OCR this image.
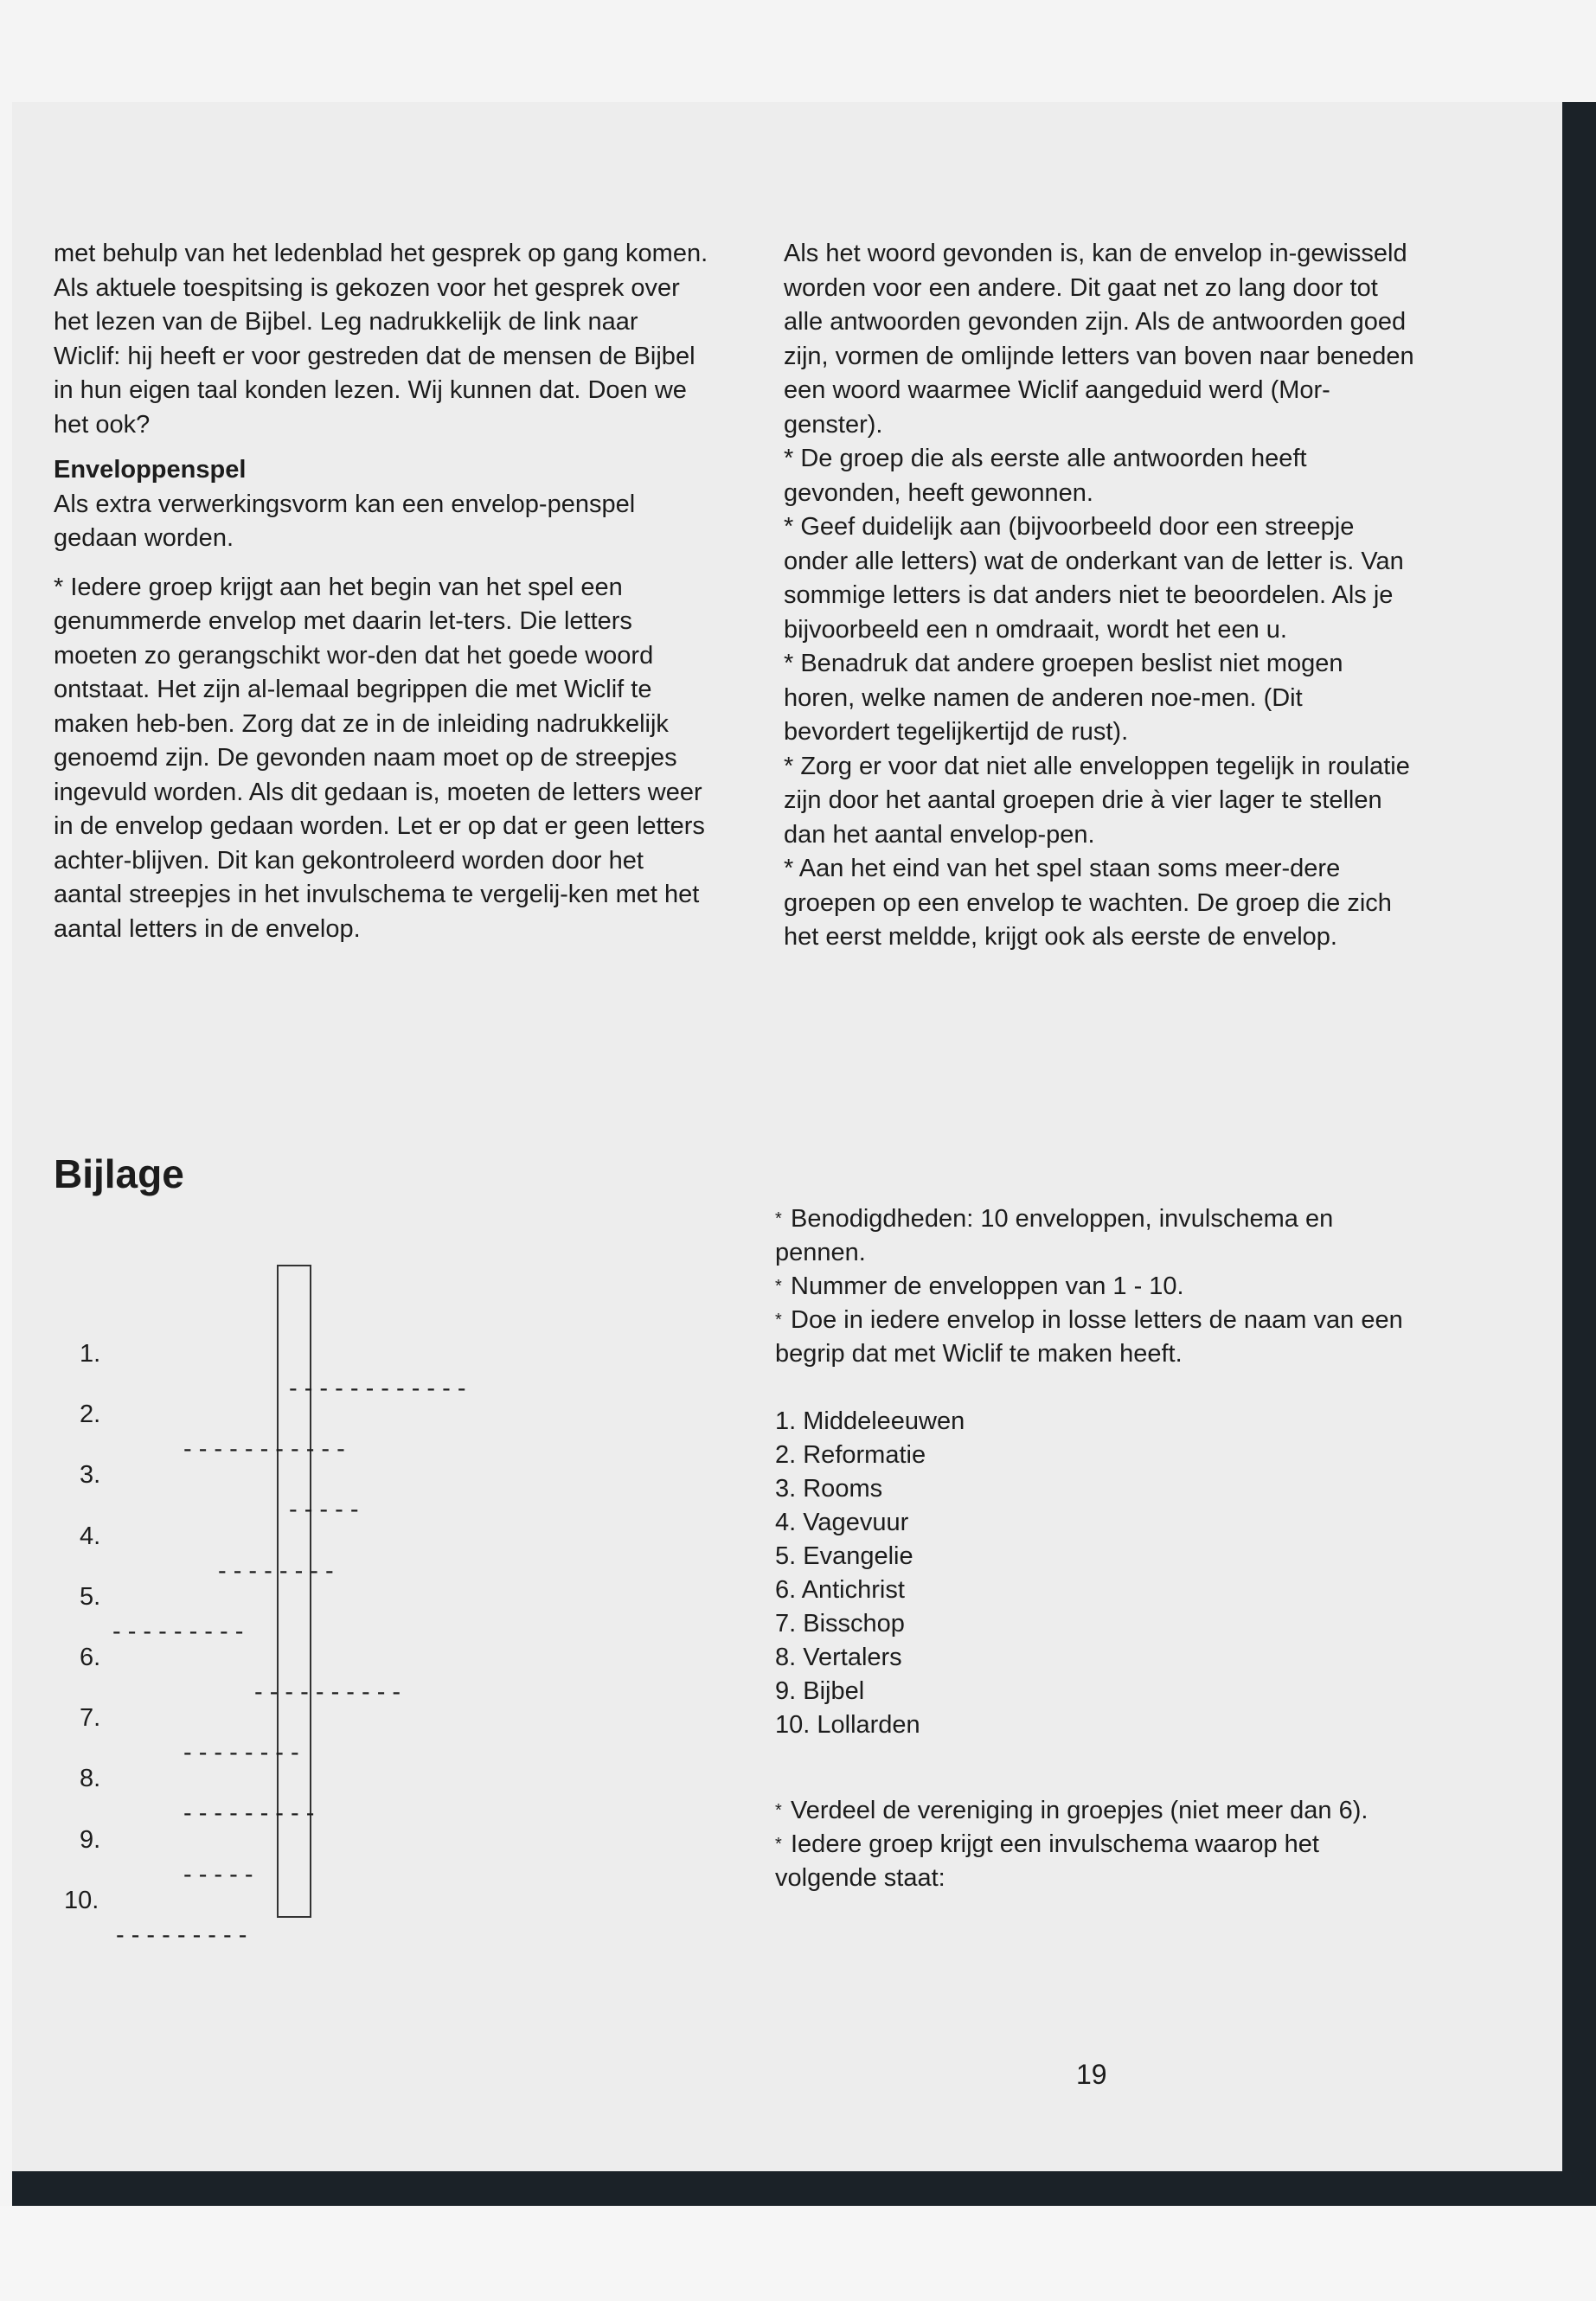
met behulp van het ledenblad het gesprek op gang komen. Als aktuele toespitsing is gekozen voor het gesprek over het lezen van de Bijbel. Leg nadrukkelijk de link naar Wiclif: hij heeft er voor gestreden dat de mensen de Bijbel in hun eigen taal konden lezen. Wij kunnen dat. Doen we het ook?

Enveloppenspel

Als extra verwerkingsvorm kan een envelop-penspel gedaan worden.

* Iedere groep krijgt aan het begin van het spel een genummerde envelop met daarin let-ters. Die letters moeten zo gerangschikt wor-den dat het goede woord ontstaat. Het zijn al-lemaal begrippen die met Wiclif te maken heb-ben. Zorg dat ze in de inleiding nadrukkelijk genoemd zijn. De gevonden naam moet op de streepjes ingevuld worden. Als dit gedaan is, moeten de letters weer in de envelop gedaan worden. Let er op dat er geen letters achter-blijven. Dit kan gekontroleerd worden door het aantal streepjes in het invulschema te vergelij-ken met het aantal letters in de envelop.

Als het woord gevonden is, kan de envelop in-gewisseld worden voor een andere. Dit gaat net zo lang door tot alle antwoorden gevonden zijn. Als de antwoorden goed zijn, vormen de omlijnde letters van boven naar beneden een woord waarmee Wiclif aangeduid werd (Mor-genster).

* De groep die als eerste alle antwoorden heeft gevonden, heeft gewonnen.

* Geef duidelijk aan (bijvoorbeeld door een streepje onder alle letters) wat de onderkant van de letter is. Van sommige letters is dat anders niet te beoordelen. Als je bijvoorbeeld een n omdraait, wordt het een u.

* Benadruk dat andere groepen beslist niet mogen horen, welke namen de anderen noe-men. (Dit bevordert tegelijkertijd de rust).

* Zorg er voor dat niet alle enveloppen tegelijk in roulatie zijn door het aantal groepen drie à vier lager te stellen dan het aantal envelop-pen.

* Aan het eind van het spel staan soms meer-dere groepen op een envelop te wachten. De groep die zich het eerst meldde, krijgt ook als eerste de envelop.

Bijlage

1.

- - - - - - - - - - - -

2.

- - - - - - - - - - -

3.

- - - - -

4.

- - - - - - - -

5.

- - - - - - - - -

6.

- - - - - - - - - -

7.

- - - - - - - -

8.

- - - - - - - - -

9.

- - - - -

10.

- - - - - - - - -

* Benodigdheden: 10 enveloppen, invulschema en pennen.

* Nummer de enveloppen van 1 - 10.

* Doe in iedere envelop in losse letters de naam van een begrip dat met Wiclif te maken heeft.

1. Middeleeuwen
2. Reformatie
3. Rooms
4. Vagevuur
5. Evangelie
6. Antichrist
7. Bisschop
8. Vertalers
9. Bijbel
10. Lollarden

* Verdeel de vereniging in groepjes (niet meer dan 6).

* Iedere groep krijgt een invulschema waarop het volgende staat:

19
